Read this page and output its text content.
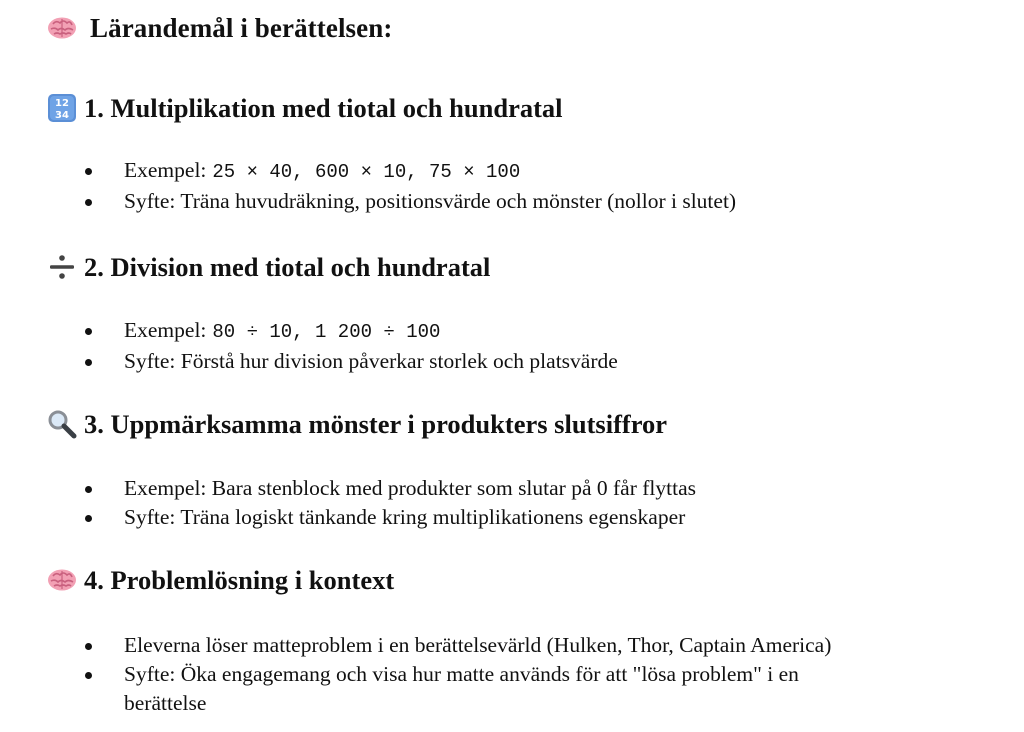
Lärandemål i berättelsen:
12
34 1. Multiplikation med tiotal och hundratal
Exempel: 25 × 40, 600 × 10, 75 × 100
Syfte: Träna huvudräkning, positionsvärde och mönster (nollor i slutet)
2. Division med tiotal och hundratal
Exempel: 80 ÷ 10, 1 200 ÷ 100
Syfte: Förstå hur division påverkar storlek och platsvärde
3. Uppmärksamma mönster i produkters slutsiffror
Exempel: Bara stenblock med produkter som slutar på 0 får flyttas
Syfte: Träna logiskt tänkande kring multiplikationens egenskaper
4. Problemlösning i kontext
Eleverna löser matteproblem i en berättelsevärld (Hulken, Thor, Captain America)
Syfte: Öka engagemang och visa hur matte används för att "lösa problem" i en
berättelse
